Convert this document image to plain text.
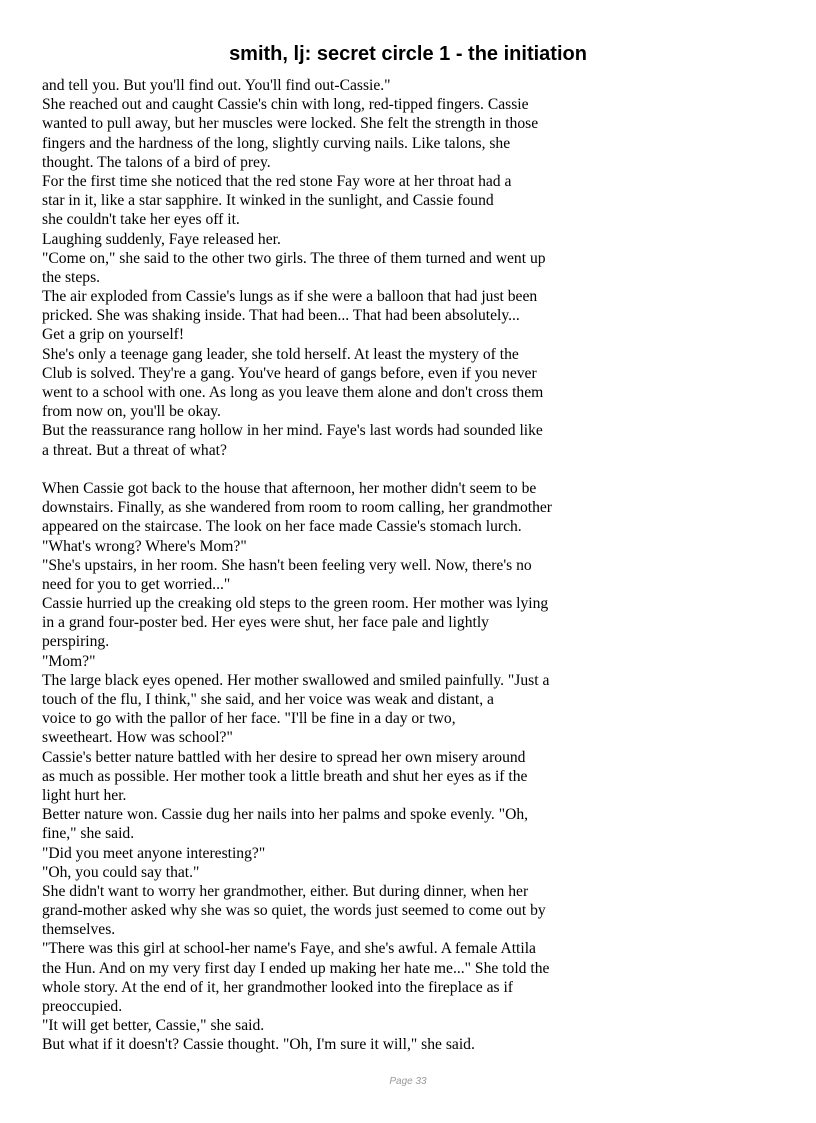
smith, lj: secret circle 1 - the initiation
and tell you. But you'll find out. You'll find out-Cassie."
She reached out and caught Cassie's chin with long, red-tipped fingers. Cassie
wanted to pull away, but her muscles were locked. She felt the strength in those
fingers and the hardness of the long, slightly curving nails. Like talons, she
thought. The talons of a bird of prey.
For the first time she noticed that the red stone Fay wore at her throat had a
star in it, like a star sapphire. It winked in the sunlight, and Cassie found
she couldn't take her eyes off it.
Laughing suddenly, Faye released her.
"Come on," she said to the other two girls. The three of them turned and went up
the steps.
The air exploded from Cassie's lungs as if she were a balloon that had just been
pricked. She was shaking inside. That had been... That had been absolutely...
Get a grip on yourself!
She's only a teenage gang leader, she told herself. At least the mystery of the
Club is solved. They're a gang. You've heard of gangs before, even if you never
went to a school with one. As long as you leave them alone and don't cross them
from now on, you'll be okay.
But the reassurance rang hollow in her mind. Faye's last words had sounded like
a threat. But a threat of what?
When Cassie got back to the house that afternoon, her mother didn't seem to be
downstairs. Finally, as she wandered from room to room calling, her grandmother
appeared on the staircase. The look on her face made Cassie's stomach lurch.
"What's wrong? Where's Mom?"
"She's upstairs, in her room. She hasn't been feeling very well. Now, there's no
need for you to get worried..."
Cassie hurried up the creaking old steps to the green room. Her mother was lying
in a grand four-poster bed. Her eyes were shut, her face pale and lightly
perspiring.
"Mom?"
The large black eyes opened. Her mother swallowed and smiled painfully. "Just a
touch of the flu, I think," she said, and her voice was weak and distant, a
voice to go with the pallor of her face. "I'll be fine in a day or two,
sweetheart. How was school?"
Cassie's better nature battled with her desire to spread her own misery around
as much as possible. Her mother took a little breath and shut her eyes as if the
light hurt her.
Better nature won. Cassie dug her nails into her palms and spoke evenly. "Oh,
fine," she said.
"Did you meet anyone interesting?"
"Oh, you could say that."
She didn't want to worry her grandmother, either. But during dinner, when her
grand-mother asked why she was so quiet, the words just seemed to come out by
themselves.
"There was this girl at school-her name's Faye, and she's awful. A female Attila
the Hun. And on my very first day I ended up making her hate me..." She told the
whole story. At the end of it, her grandmother looked into the fireplace as if
preoccupied.
"It will get better, Cassie," she said.
But what if it doesn't? Cassie thought. "Oh, I'm sure it will," she said.
Page 33
